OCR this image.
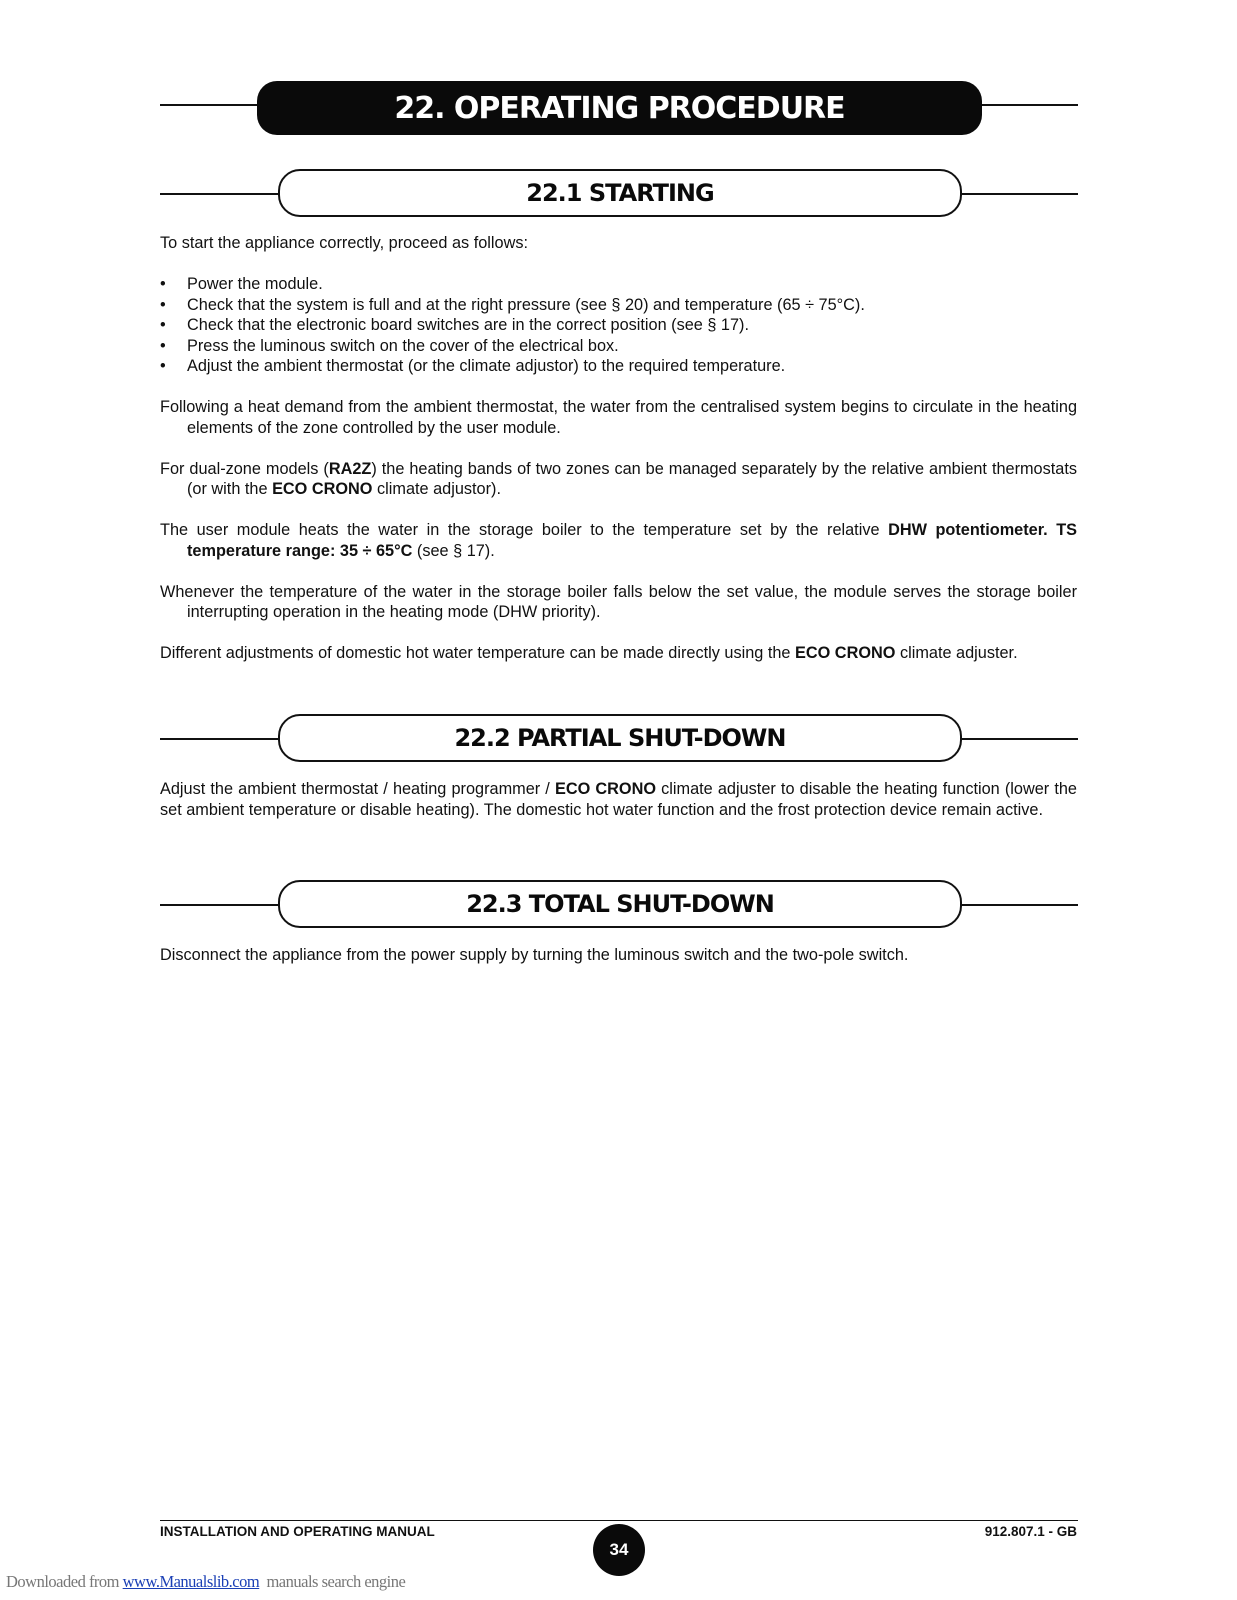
22. OPERATING PROCEDURE
22.1 STARTING

To start the appliance correctly, proceed as follows:

• Power the module.
• Check that the system is full and at the right pressure (see § 20) and temperature (65 ÷ 75°C).
• Check that the electronic board switches are in the correct position (see § 17).
• Press the luminous switch on the cover of the electrical box.
• Adjust the ambient thermostat (or the climate adjustor) to the required temperature.

Following a heat demand from the ambient thermostat, the water from the centralised system begins to circulate in the heating elements of the zone controlled by the user module.

For dual-zone models (RA2Z) the heating bands of two zones can be managed separately by the relative ambient thermostats (or with the ECO CRONO climate adjustor).

The user module heats the water in the storage boiler to the temperature set by the relative DHW potentiometer. TS temperature range: 35 ÷ 65°C (see § 17).

Whenever the temperature of the water in the storage boiler falls below the set value, the module serves the storage boiler interrupting operation in the heating mode (DHW priority).

Different adjustments of domestic hot water temperature can be made directly using the ECO CRONO climate adjuster.

22.2 PARTIAL SHUT-DOWN

Adjust the ambient thermostat / heating programmer / ECO CRONO climate adjuster to disable the heating function (lower the set ambient temperature or disable heating). The domestic hot water function and the frost protection device remain active.

22.3 TOTAL SHUT-DOWN

Disconnect the appliance from the power supply by turning the luminous switch and the two-pole switch.

INSTALLATION AND OPERATING MANUAL
34
912.807.1 - GB
Downloaded from www.Manualslib.com  manuals search engine
